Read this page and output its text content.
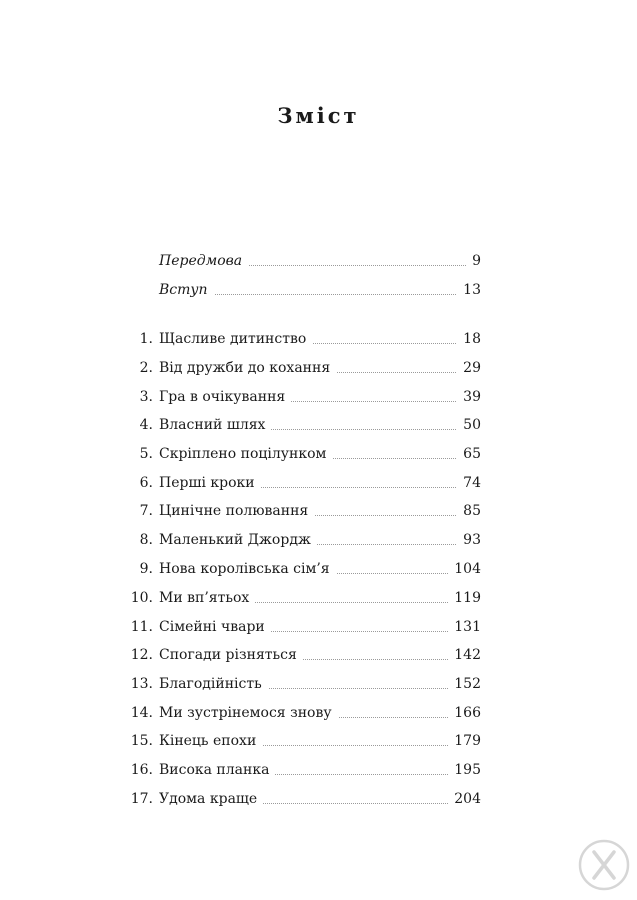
Зміст
Передмова	9
Вступ	13
1. Щасливе дитинство	18
2. Від дружби до кохання	29
3. Гра в очікування	39
4. Власний шлях	50
5. Скріплено поцілунком	65
6. Перші кроки	74
7. Цинічне полювання	85
8. Маленький Джордж	93
9. Нова королівська сім’я	104
10. Ми вп’ятьох	119
11. Сімейні чвари	131
12. Спогади різняться	142
13. Благодійність	152
14. Ми зустрінемося знову	166
15. Кінець епохи	179
16. Висока планка	195
17. Удома краще	204
